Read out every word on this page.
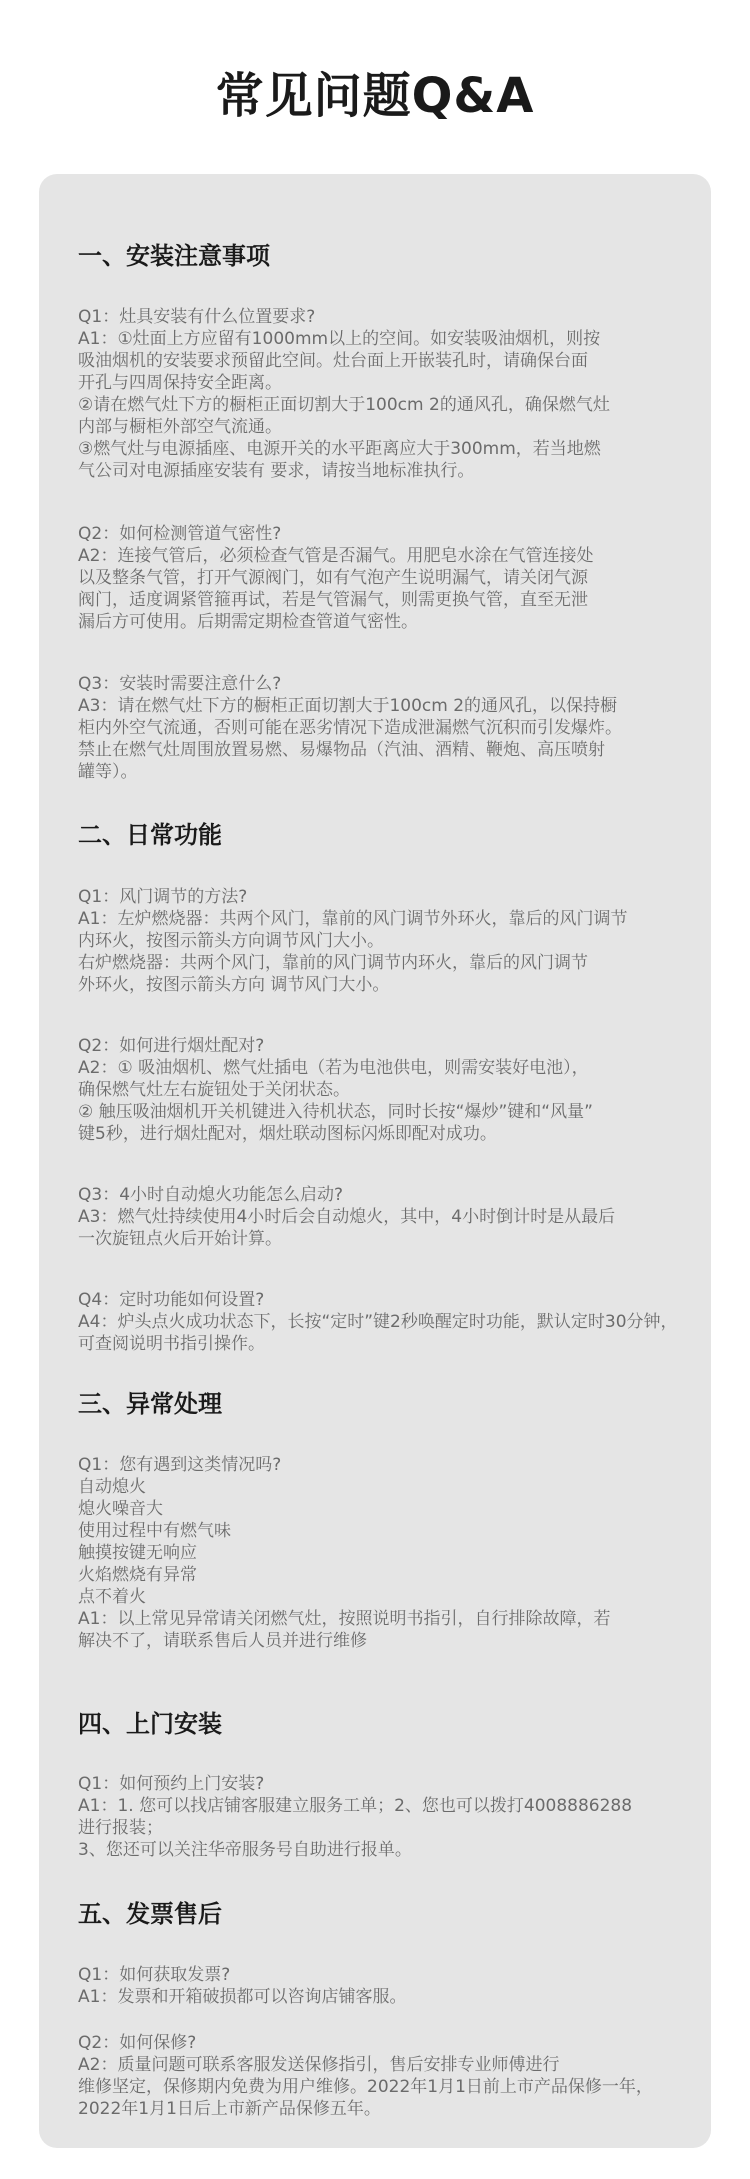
常见问题Q&A
一、安装注意事项
Q1：灶具安装有什么位置要求?
A1：①灶面上方应留有1000mm以上的空间。如安装吸油烟机，则按
吸油烟机的安装要求预留此空间。灶台面上开嵌装孔时，请确保台面
开孔与四周保持安全距离。
②请在燃气灶下方的橱柜正面切割大于100cm 2的通风孔，确保燃气灶
内部与橱柜外部空气流通。
③燃气灶与电源插座、电源开关的水平距离应大于300mm，若当地燃
气公司对电源插座安装有 要求，请按当地标准执行。
Q2：如何检测管道气密性?
A2：连接气管后，必须检查气管是否漏气。用肥皂水涂在气管连接处
以及整条气管，打开气源阀门，如有气泡产生说明漏气，请关闭气源
阀门，适度调紧管箍再试，若是气管漏气，则需更换气管，直至无泄
漏后方可使用。后期需定期检查管道气密性。
Q3：安装时需要注意什么?
A3：请在燃气灶下方的橱柜正面切割大于100cm 2的通风孔，以保持橱
柜内外空气流通，否则可能在恶劣情况下造成泄漏燃气沉积而引发爆炸。
禁止在燃气灶周围放置易燃、易爆物品（汽油、酒精、鞭炮、高压喷射
罐等）。
二、日常功能
Q1：风门调节的方法?
A1：左炉燃烧器：共两个风门，靠前的风门调节外环火，靠后的风门调节
内环火，按图示箭头方向调节风门大小。
右炉燃烧器：共两个风门，靠前的风门调节内环火，靠后的风门调节
外环火，按图示箭头方向 调节风门大小。
Q2：如何进行烟灶配对?
A2：① 吸油烟机、燃气灶插电（若为电池供电，则需安装好电池），
确保燃气灶左右旋钮处于关闭状态。
② 触压吸油烟机开关机键进入待机状态，同时长按“爆炒”键和“风量”
键5秒，进行烟灶配对，烟灶联动图标闪烁即配对成功。
Q3：4小时自动熄火功能怎么启动?
A3：燃气灶持续使用4小时后会自动熄火，其中，4小时倒计时是从最后
一次旋钮点火后开始计算。
Q4：定时功能如何设置?
A4：炉头点火成功状态下，长按“定时”键2秒唤醒定时功能，默认定时30分钟，
可查阅说明书指引操作。
三、异常处理
Q1：您有遇到这类情况吗?
自动熄火
熄火噪音大
使用过程中有燃气味
触摸按键无响应
火焰燃烧有异常
点不着火
A1：以上常见异常请关闭燃气灶，按照说明书指引，自行排除故障，若
解决不了，请联系售后人员并进行维修
四、上门安装
Q1：如何预约上门安装?
A1：1. 您可以找店铺客服建立服务工单；2、您也可以拨打4008886288
进行报装；
3、您还可以关注华帝服务号自助进行报单。
五、发票售后
Q1：如何获取发票?
A1：发票和开箱破损都可以咨询店铺客服。
Q2：如何保修?
A2：质量问题可联系客服发送保修指引，售后安排专业师傅进行
维修坚定，保修期内免费为用户维修。2022年1月1日前上市产品保修一年，
2022年1月1日后上市新产品保修五年。
